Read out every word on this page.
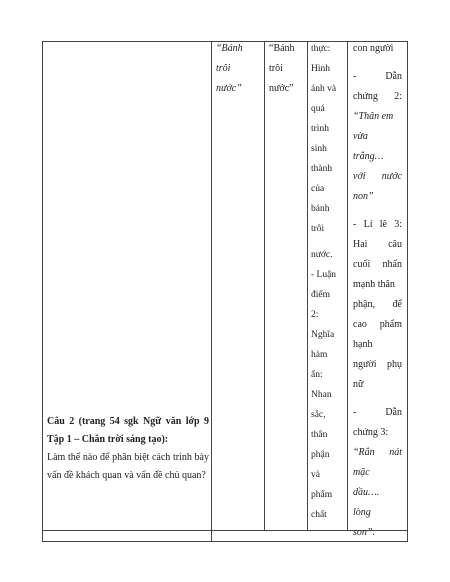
“Bánh

trôi

nước”

“Bánh

trôi

nước”

thực:

Hình

ảnh và

quá

trình

sinh

thành

của

bánh

trôi

nước.

- Luận

điểm

2:

Nghĩa

hàm

ẩn:

Nhan

sắc,

thân

phận

và

phẩm

chất

con người

- Dẫn

chứng 2:

“Thân em

vừa

trắng…

với nước

non”

- Lí lẽ 3:

Hai câu

cuối nhấn

mạnh thân

phận, để

cao phẩm

hạnh

người phụ

nữ

- Dẫn

chứng 3:

“Rắn nát

mặc

dầu….

lòng

son”.

Câu 2 (trang 54 sgk Ngữ văn lớp 9 Tập 1 – Chân trời sáng tạo):

Làm thế nào để phân biệt cách trình bày vấn đề khách quan và vấn đề chủ quan?
